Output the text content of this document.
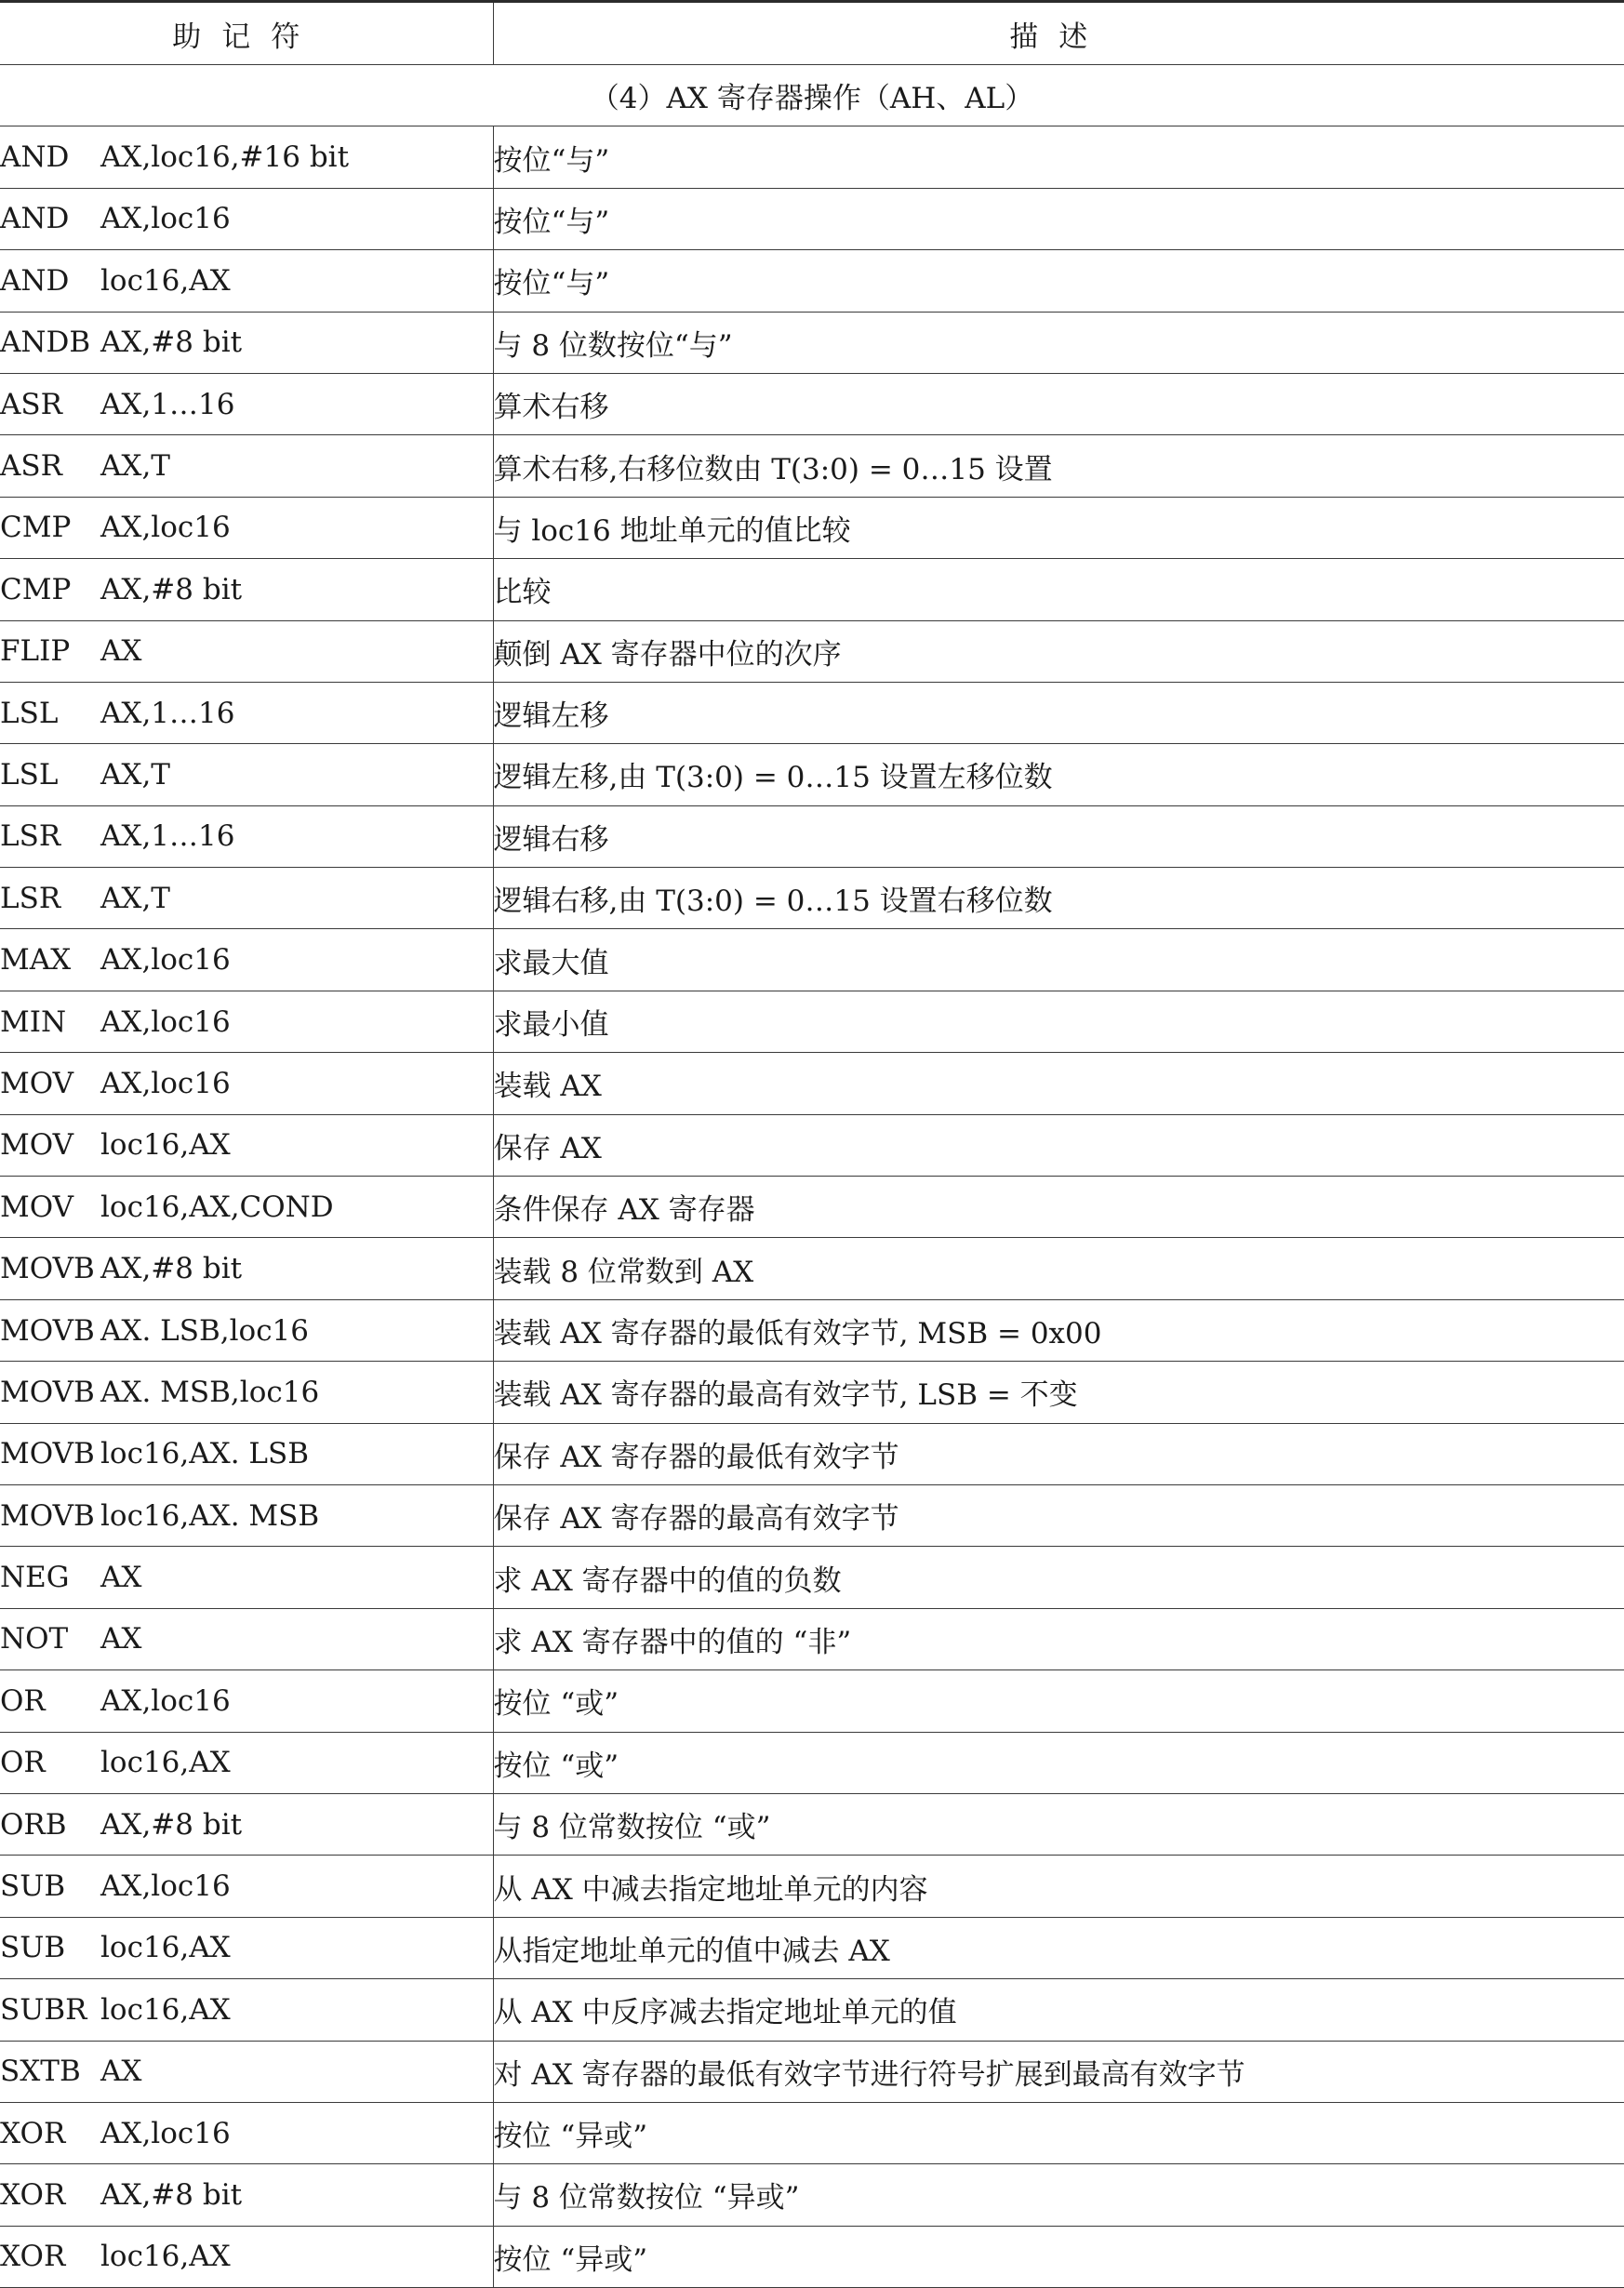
助记符	描述
（4）AX 寄存器操作（AH、AL）	
AND AX,loc16,#16 bit	按位“与”
AND AX,loc16	按位“与”
AND loc16,AX	按位“与”
ANDB AX,#8 bit	与 8 位数按位“与”
ASR AX,1…16	算术右移
ASR AX,T	算术右移,右移位数由 T(3:0) = 0…15 设置
CMP AX,loc16	与 loc16 地址单元的值比较
CMP AX,#8 bit	比较
FLIP AX	颠倒 AX 寄存器中位的次序
LSL AX,1…16	逻辑左移
LSL AX,T	逻辑左移,由 T(3:0) = 0…15 设置左移位数
LSR AX,1…16	逻辑右移
LSR AX,T	逻辑右移,由 T(3:0) = 0…15 设置右移位数
MAX AX,loc16	求最大值
MIN AX,loc16	求最小值
MOV AX,loc16	装载 AX
MOV loc16,AX	保存 AX
MOV loc16,AX,COND	条件保存 AX 寄存器
MOVB AX,#8 bit	装载 8 位常数到 AX
MOVB AX. LSB,loc16	装载 AX 寄存器的最低有效字节, MSB = 0x00
MOVB AX. MSB,loc16	装载 AX 寄存器的最高有效字节, LSB = 不变
MOVB loc16,AX. LSB	保存 AX 寄存器的最低有效字节
MOVB loc16,AX. MSB	保存 AX 寄存器的最高有效字节
NEG AX	求 AX 寄存器中的值的负数
NOT AX	求 AX 寄存器中的值的 “非”
OR AX,loc16	按位 “或”
OR loc16,AX	按位 “或”
ORB AX,#8 bit	与 8 位常数按位 “或”
SUB AX,loc16	从 AX 中减去指定地址单元的内容
SUB loc16,AX	从指定地址单元的值中减去 AX
SUBR loc16,AX	从 AX 中反序减去指定地址单元的值
SXTB AX	对 AX 寄存器的最低有效字节进行符号扩展到最高有效字节
XOR AX,loc16	按位 “异或”
XOR AX,#8 bit	与 8 位常数按位 “异或”
XOR loc16,AX	按位 “异或”
